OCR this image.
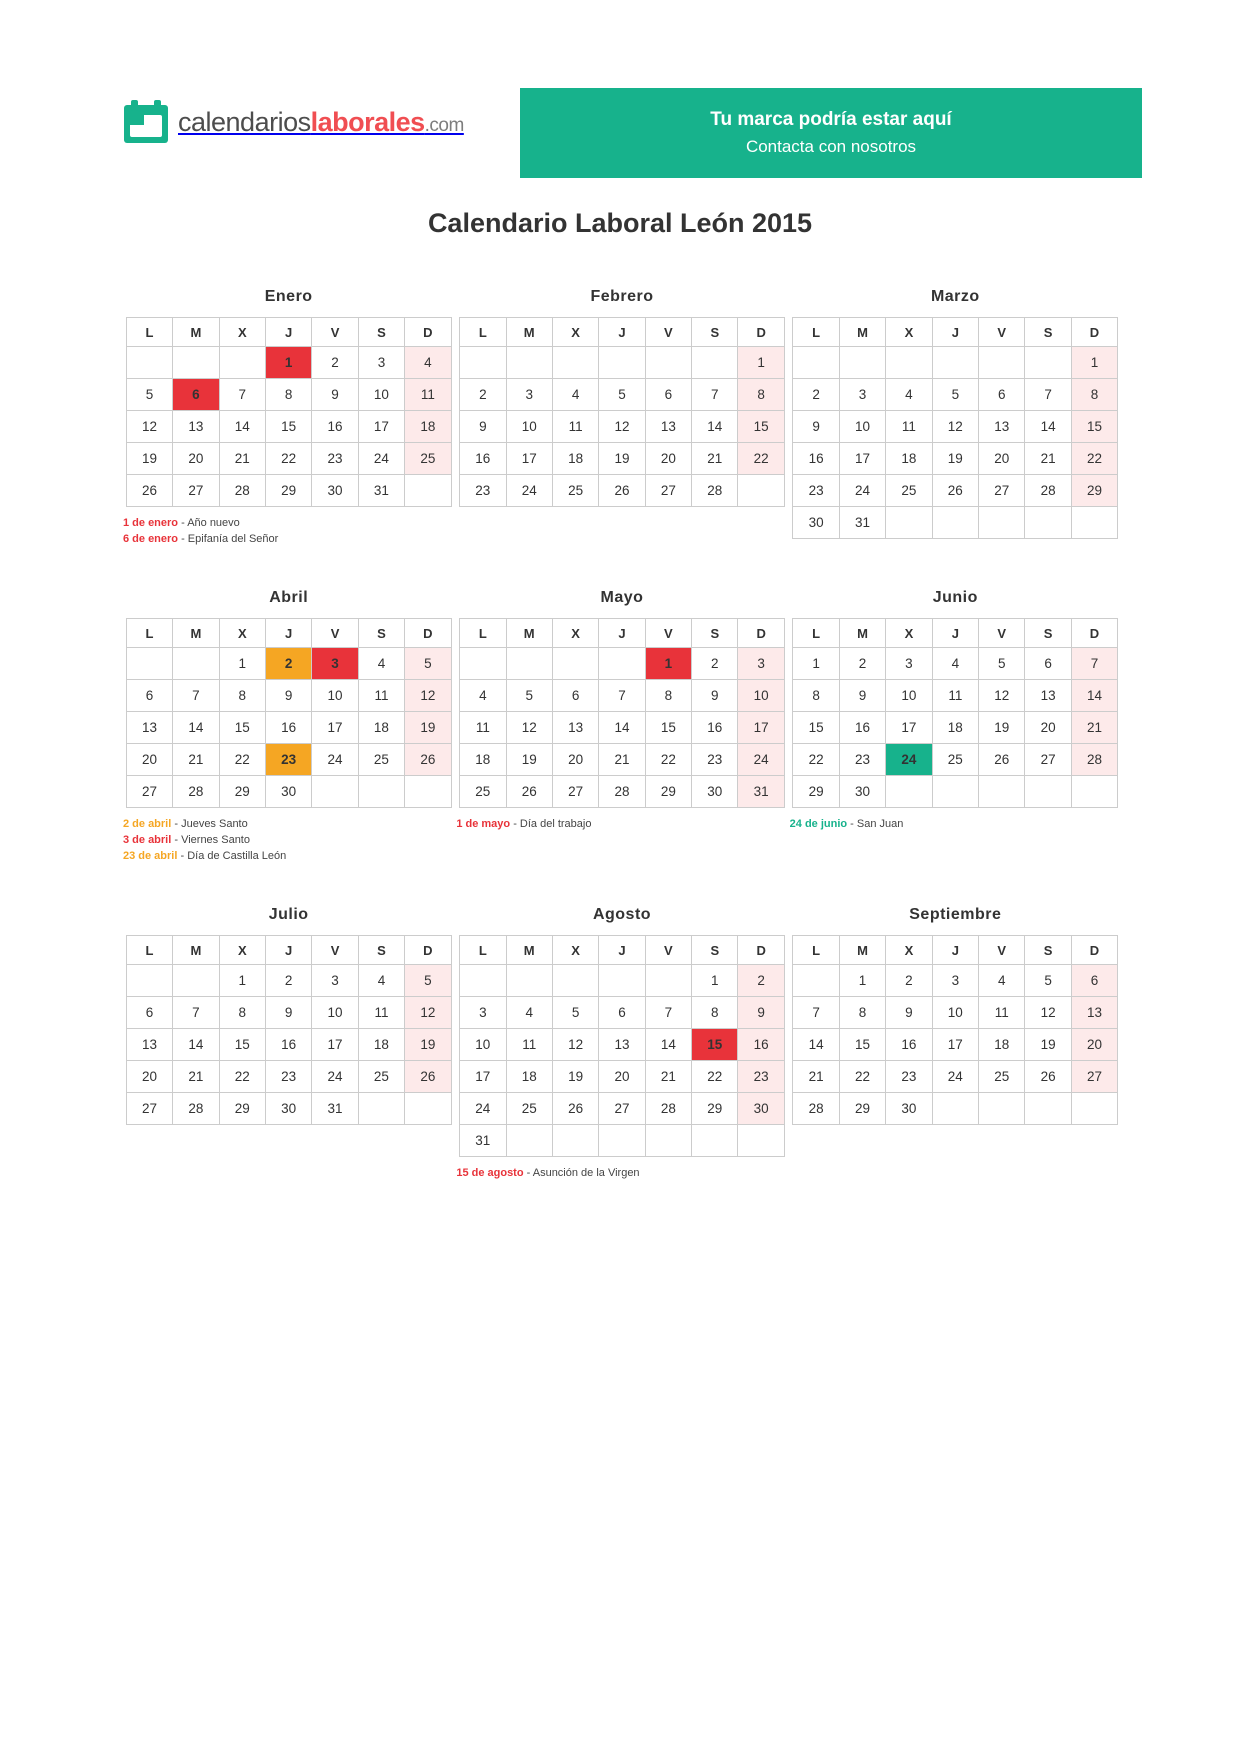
calendarioslaborales.com	Tu marca podría estar aquí
Contacta con nosotros
Calendario Laboral León 2015
Enero
L	M	X	J	V	S	D
			1	2	3	4
5	6	7	8	9	10	11
12	13	14	15	16	17	18
19	20	21	22	23	24	25
26	27	28	29	30	31	
1 de enero - Año nuevo
6 de enero - Epifanía del Señor
Febrero
L	M	X	J	V	S	D
						1
2	3	4	5	6	7	8
9	10	11	12	13	14	15
16	17	18	19	20	21	22
23	24	25	26	27	28	
Marzo
L	M	X	J	V	S	D
						1
2	3	4	5	6	7	8
9	10	11	12	13	14	15
16	17	18	19	20	21	22
23	24	25	26	27	28	29
30	31					
Abril
L	M	X	J	V	S	D
		1	2	3	4	5
6	7	8	9	10	11	12
13	14	15	16	17	18	19
20	21	22	23	24	25	26
27	28	29	30			
2 de abril - Jueves Santo
3 de abril - Viernes Santo
23 de abril - Día de Castilla León
Mayo
L	M	X	J	V	S	D
				1	2	3
4	5	6	7	8	9	10
11	12	13	14	15	16	17
18	19	20	21	22	23	24
25	26	27	28	29	30	31
1 de mayo - Día del trabajo
Junio
L	M	X	J	V	S	D
1	2	3	4	5	6	7
8	9	10	11	12	13	14
15	16	17	18	19	20	21
22	23	24	25	26	27	28
29	30					
24 de junio - San Juan
Julio
L	M	X	J	V	S	D
		1	2	3	4	5
6	7	8	9	10	11	12
13	14	15	16	17	18	19
20	21	22	23	24	25	26
27	28	29	30	31		
Agosto
L	M	X	J	V	S	D
					1	2
3	4	5	6	7	8	9
10	11	12	13	14	15	16
17	18	19	20	21	22	23
24	25	26	27	28	29	30
31						
15 de agosto - Asunción de la Virgen
Septiembre
L	M	X	J	V	S	D
	1	2	3	4	5	6
7	8	9	10	11	12	13
14	15	16	17	18	19	20
21	22	23	24	25	26	27
28	29	30				
